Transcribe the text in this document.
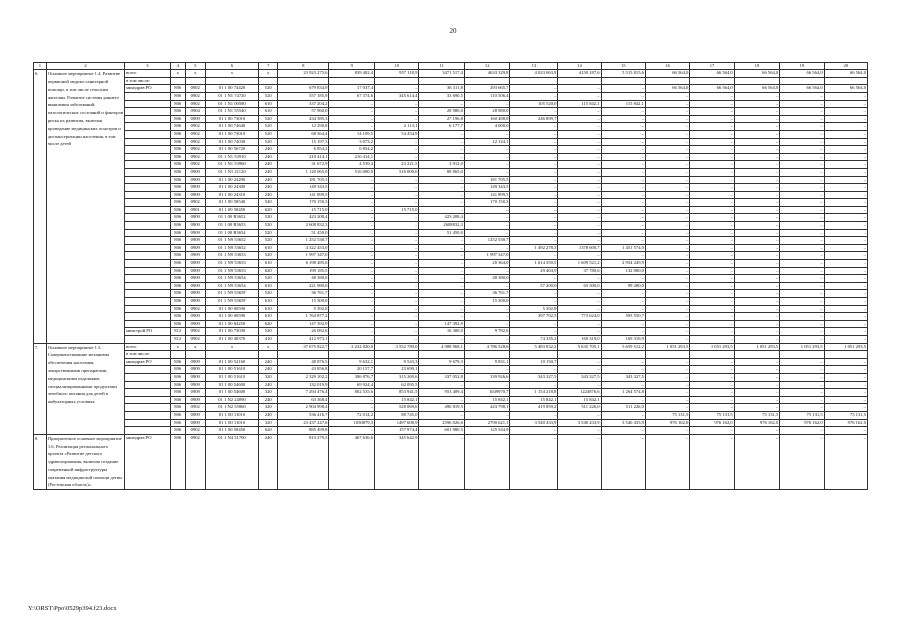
20
1	2	3	4	5	6	7	8	9	10	11	12	13	14	15	16	17	18	19	20
6.	Основное мероприятие 1.4. Развитие первичной медико-санитарной помощи, в том числе сельским жителям. Развитие системы раннего выявления заболеваний, патологических состояний и факторов риска их развития, включая проведение медицинских осмотров и диспансеризации населения, в том числе детей	всего	х	х	х	х	23 923 275,6	839 402,4	957 118,9	3471 517,4	4633 329,8	4 023 063,9	4150 187,6	5 515 815,6	66 564,0	66 564,0	66 564,0	66 564,0	66 564,0
		в том числе:																	
		минздрав РО	806	0902	01 1 00 74420	520	679 834,9	17 037,4	–	36 311,8	293 665,7	–	–	–	66 564,0	66 564,0	66 564,0	66 564,0	66 564,0
			806	0902	01 1 N1 74720	520	557 185,9	67 374,6	345 614,4	33 690,5	110 506,4	–	–	–	–	–	–	–	–
			806	0902	01 1 N1 00580	610	337 204,2	–	–	–	–	105 520,0	115 842,1	115 842,1	–	–	–	–	–
			806	0904	01 1 N1 55540	610	57 960,0	–	–	28 980,0	28 980,0	–	–	–	–	–	–	–	–
			806	0909	01 1 00 73010	520	434 585,3	–	–	27 196,8	160 488,8	246 899,7	–	–	–	–	–	–	–
			806	0902	01 1 00 74640	520	12 290,8	–	2 113,1	6 177,7	4 000,0	–	–	–	–	–	–	–	–
			806	0902	01 1 00 73010	520	68 564,4	14 109,5	54 454,9	–	–	–	–	–	–	–	–	–	–
			806	0902	01 1 00 74030	520	15 197,3	3 073,2	–	–	12 124,1	–	–	–	–	–	–	–	–
			806	0902	01 1 00 56720	240	6 854,2	6 854,2	–	–	–	–	–	–	–	–	–	–	–
			806	0902	01 1 N1 53910	240	210 414,1	210 414,1	–	–	–	–	–	–	–	–	–	–	–
			806	0902	01 1 N1 53960	240	31 672,9	4 539,4	23 221,5	3 912,0	–	–	–	–	–	–	–	–	–
			806	0909	01 1 N1 21120	240	1 120 065,0	516 000,0	516 000,0	88 065,0	–	–	–	–	–	–	–	–	–
			806	0909	01 1 00 24290	240	181 705,5	–	–	–	181 705,5	–	–	–	–	–	–	–	–
			806	0909	01 1 00 24300	240	149 343,5	–	–	–	149 343,5	–	–	–	–	–	–	–	–
			806	0909	01 1 00 24310	240	141 899,5	–	–	–	141 899,5	–	–	–	–	–	–	–	–
			806	0902	01 1 00 58540	540	170 150,3	–	–	–	170 150,3	–	–	–	–	–	–	–	–
			806	0901	01 1 00 58450	620	15 715,0	–	15 715,0	–	–	–	–	–	–	–	–	–	–
			806	0909	01 1 00 R3652	520	423 208,4	–	–	423 208,4	–	–	–	–	–	–	–	–	–
			806	0909	01 1 00 R3653	520	2 608 832,3	–	–	2608832,3	–	–	–	–	–	–	–	–	–
			806	0909	01 1 00 R3654	520	51 450,0	–	–	51 450,0	–	–	–	–	–	–	–	–	–
			806	0909	01 1 N9 53652	520	1 252 530,7	–	–	–	1252 530,7	–	–	–	–	–	–	–	–
			806	0909	01 1 N9 53652	610	4 322 453,0	–	–	–	–	1 492 278,3	1378 600,7	1 451 574,0	–	–	–	–	–
			806	0909	01 1 N9 53653	520	1 997 347,0	–	–	–	1 997 347,0	–	–	–	–	–	–	–	–
			806	0909	01 1 N9 53653	610	6 198 485,6	–	–	–	20 364,0	1 614 350,5	1 609 521,2	2 954 249,9	–	–	–	–	–
			806	0909	01 1 N9 53653	620	199 185,5	–	–	–	–	29 404,9	37 780,6	132 000,0	–	–	–	–	–
			806	0909	01 1 N9 53654	520	48 380,0	–	–	–	48 380,0	–	–	–	–	–	–	–	–
			806	0909	01 1 N9 53654	610	221 980,0	–	–	–	–	57 200,0	65 500,0	99 280,0	–	–	–	–	–
			806	0909	01 1 N9 5365F	520	36 761,7	–	–	–	36 761,7	–	–	–	–	–	–	–	–
			806	0909	01 1 N9 5365F	610	15 300,0	–	–	–	15 300,0	–	–	–	–	–	–	–	–
			806	0902	01 1 00 00590	610	5 392,8	–	–	–	–	5 392,8	–	–	–	–	–	–	–
			806	0909	01 1 00 00590	610	1 764 877,2	–	–	–	–	397 702,5	773 624,0	593 550,7	–	–	–	–	–
			806	0909	01 1 00 84250	620	147 392,9	–	–	147 392,9	–	–	–	–	–	–	–	–	–
		минстрой РО	812	0902	01 1 00 73030	520	26 082,6	–	–	16 300,0	9 782,6	–	–	–	–	–	–	–	–
			812	0902	01 1 00 40370	410	412 973,1	–	–	–	–	74 335,2	169 319,0	169 318,9	–	–	–	–	–
7.	Основное мероприятие 1.5. Совершенствование механизма обеспечения населения лекарственными препаратами, медицинскими изделиями, специализированными продуктами лечебного питания для детей в амбулаторных условиях	всего	х	х	х	х	37 675 822,7	2 232 020,0	3 552 789,0	4 988 968,1	4 786 528,6	5 483 832,2	5 635 705,1	5 659 512,2	1 051 293,5	1 051 293,5	1 051 293,5	1 051 293,5	1 051 293,5
		в том числе:																	
		минздрав РО	806	0909	01 1 00 52160	240	48 876,5	9 632,1	9 543,3	9 679,3	9 831,1	10 150,7	–	–	–	–	–	–	–
			806	0909	01 1 00 51610	240	43 856,8	20 157,7	23 699,1	–	–	–	–	–	–	–	–	–	–
			806	0909	01 1 00 51610	320	2 329 102,2	306 876,7	315 269,6	337 052,8	339 926,6	343 327,5	343 327,5	343 327,5	–	–	–	–	–
			806	0909	01 1 00 54600	240	132 019,9	69 924,4	62 095,5	–	–	–	–	–	–	–	–	–	–
			806	0909	01 1 00 54600	320	7 294 476,4	802 535,6	853 941,5	953 409,4	1049970,7	1 154 218,8	1224876,6	1 264 574,8	–	–	–	–	–
			806	0909	01 1 N2 24090	240	63 368,4	–	15 842,1	–	15 842,1	15 842,1	15 842,1	–	–	–	–	–	–
			806	0902	01 1 N2 55860	320	2 904 998,4	–	528 069,6	490 819,5	443 798,1	419 859,2	511 226,0	511 226,0	–	–	–	–	–
			806	0909	01 1 00 11010	240	536 416,7	72 014,2	88 745,0	–	–	–	–	–	75 131,5	75 131,5	75 131,5	75 131,5	75 131,5
			806	0909	01 1 00 11010	320	23 437 247,6	1050879,3	1497 608,9	2596 026,6	2790 621,1	3 540 433,9	3 540 433,9	3 540 433,9	976 162,0	976 162,0	976 162,0	976 162,0	976 162,0
			806	0902	01 1 00 58450	620	885 499,8	–	157 974,4	601 980,5	125 544,9	–	–	–	–	–	–	–	–
8.	Приоритетное основное мероприятие 1.6. Реализация регионального проекта «Развитие детского здравоохранения, включая создание современной инфраструктуры оказания медицинской помощи детям (Ростовская область)».	минздрав РО	806	0902	01 1 N4 51700	240	813 279,5	467 636,6	345 642,9	–	–	–	–	–	–	–	–	–	–
Y:\ORST\Ppo\0529p394.f23.docx
